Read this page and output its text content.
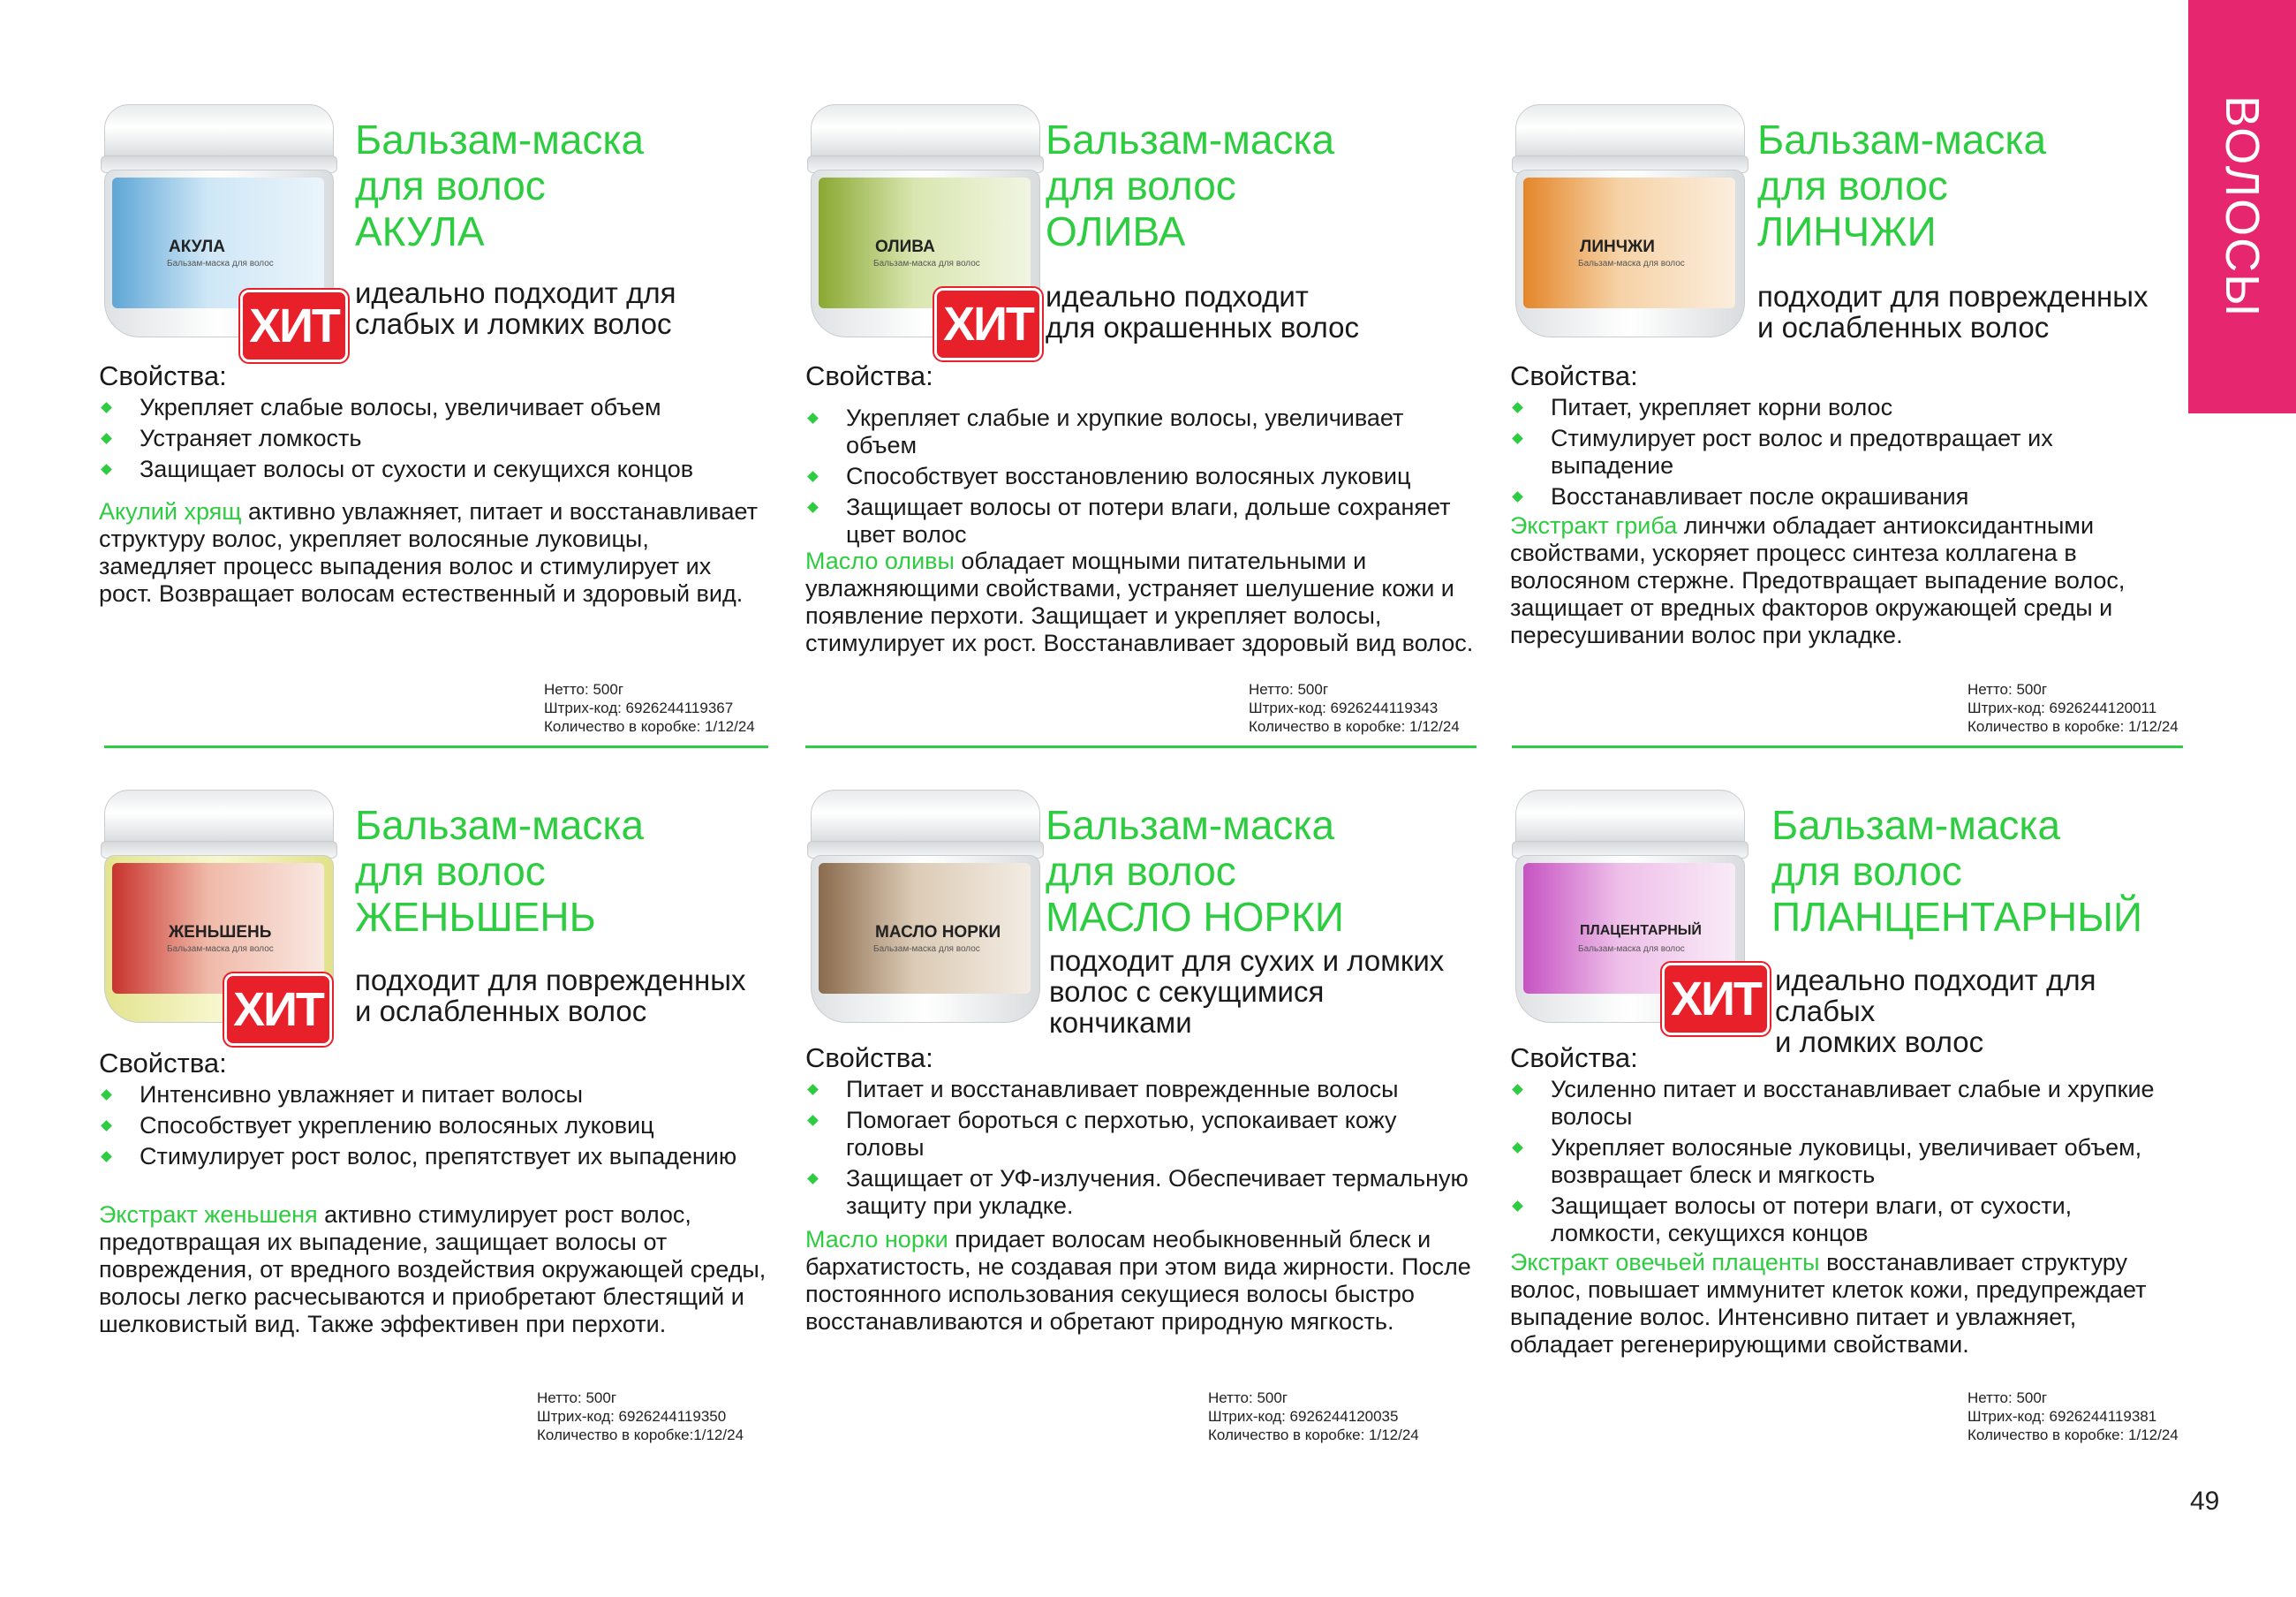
ВОЛОСЫ
49
АКУЛА
Бальзам-маска для волос
ХИТ
Бальзам-маска
для волос
АКУЛА
идеально подходит для
слабых и ломких волос
Свойства:
Укрепляет слабые волосы, увеличивает объем
Устраняет ломкость
Защищает волосы от сухости и секущихся концов
Акулий хрящ активно увлажняет, питает и восстанавливает структуру волос, укрепляет волосяные луковицы, замедляет процесс выпадения волос и стимулирует их рост. Возвращает волосам естественный и здоровый вид.
Нетто: 500г
Штрих-код: 6926244119367
Количество в коробке: 1/12/24
ОЛИВА
Бальзам-маска для волос
ХИТ
Бальзам-маска
для волос
ОЛИВА
идеально подходит
для окрашенных волос
Свойства:
Укрепляет слабые и хрупкие волосы, увеличивает объем
Способствует восстановлению волосяных луковиц
Защищает волосы от потери влаги, дольше сохраняет цвет волос
Масло оливы обладает мощными питательными и увлажняющими свойствами, устраняет шелушение кожи и появление перхоти. Защищает и укрепляет волосы, стимулирует их рост. Восстанавливает здоровый вид волос.
Нетто: 500г
Штрих-код: 6926244119343
Количество в коробке: 1/12/24
ЛИНЧЖИ
Бальзам-маска для волос
Бальзам-маска
для волос
ЛИНЧЖИ
подходит для поврежденных
и ослабленных волос
Свойства:
Питает, укрепляет корни волос
Стимулирует рост волос и предотвращает их выпадение
Восстанавливает после окрашивания
Экстракт гриба линчжи обладает антиоксидантными свойствами, ускоряет процесс синтеза коллагена в волосяном стержне. Предотвращает выпадение волос, защищает от вредных факторов окружающей среды и пересушивании волос при укладке.
Нетто: 500г
Штрих-код: 6926244120011
Количество в коробке: 1/12/24
ЖЕНЬШЕНЬ
Бальзам-маска для волос
ХИТ
Бальзам-маска
для волос
ЖЕНЬШЕНЬ
подходит для поврежденных
и ослабленных волос
Свойства:
Интенсивно увлажняет и питает волосы
Способствует укреплению волосяных луковиц
Стимулирует рост волос, препятствует их выпадению
Экстракт женьшеня активно стимулирует рост волос, предотвращая их выпадение, защищает волосы от повреждения, от вредного воздействия окружающей среды, волосы легко расчесываются и приобретают блестящий и шелковистый вид. Также эффективен при перхоти.
Нетто: 500г
Штрих-код: 6926244119350
Количество в коробке:1/12/24
МАСЛО НОРКИ
Бальзам-маска для волос
Бальзам-маска
для волос
МАСЛО НОРКИ
подходит для сухих и ломких
волос с секущимися
кончиками
Свойства:
Питает и восстанавливает поврежденные волосы
Помогает бороться с перхотью, успокаивает кожу головы
Защищает от УФ-излучения. Обеспечивает термальную защиту при укладке.
Масло норки придает волосам необыкновенный блеск и бархатистость, не создавая при этом вида жирности. После постоянного использования секущиеся волосы быстро восстанавливаются и обретают природную мягкость.
Нетто: 500г
Штрих-код: 6926244120035
Количество в коробке: 1/12/24
ПЛАЦЕНТАРНЫЙ
Бальзам-маска для волос
ХИТ
Бальзам-маска
для волос
ПЛАНЦЕНТАРНЫЙ
идеально подходит для слабых
и ломких волос
Свойства:
Усиленно питает и восстанавливает слабые и хрупкие волосы
Укрепляет волосяные луковицы, увеличивает объем, возвращает блеск и мягкость
Защищает волосы от потери влаги, от сухости, ломкости, секущихся концов
Экстракт овечьей плаценты восстанавливает структуру волос, повышает иммунитет клеток кожи, предупреждает выпадение волос. Интенсивно питает и увлажняет, обладает регенерирующими свойствами.
Нетто: 500г
Штрих-код: 6926244119381
Количество в коробке: 1/12/24
